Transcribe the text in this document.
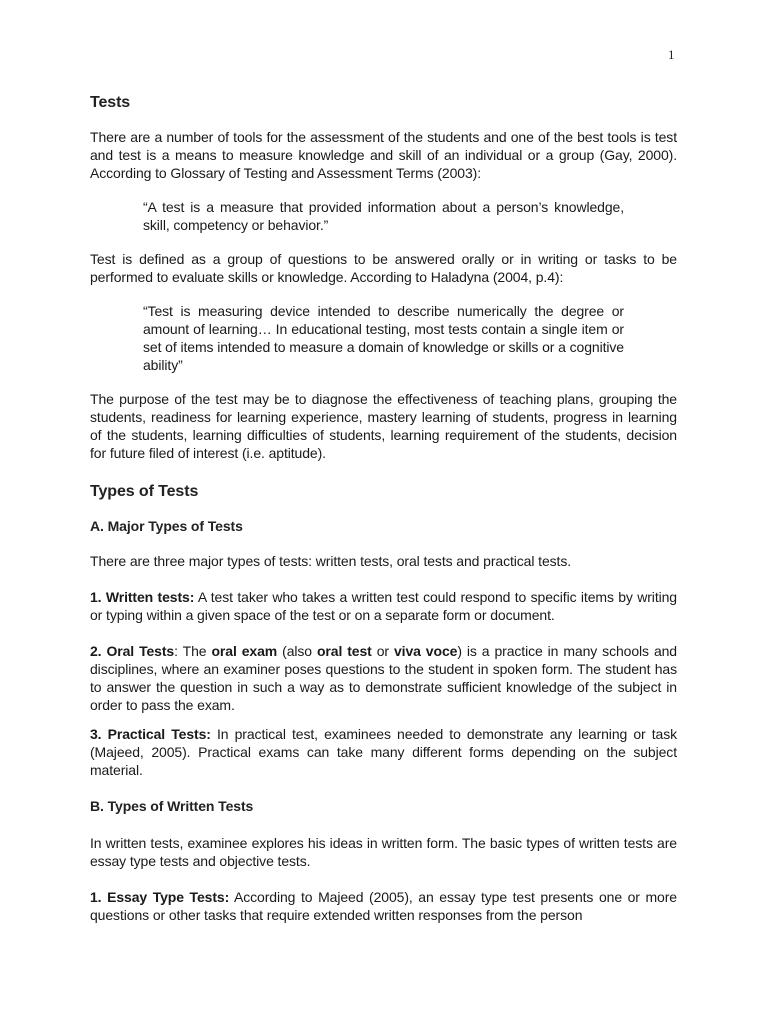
1
Tests

There are a number of tools for the assessment of the students and one of the best tools is test and test is a means to measure knowledge and skill of an individual or a group (Gay, 2000). According to Glossary of Testing and Assessment Terms (2003):

“A test is a measure that provided information about a person’s knowledge, skill, competency or behavior.”

Test is defined as a group of questions to be answered orally or in writing or tasks to be performed to evaluate skills or knowledge. According to Haladyna (2004, p.4):

“Test is measuring device intended to describe numerically the degree or amount of learning… In educational testing, most tests contain a single item or set of items intended to measure a domain of knowledge or skills or a cognitive ability”

The purpose of the test may be to diagnose the effectiveness of teaching plans, grouping the students, readiness for learning experience, mastery learning of students, progress in learning of the students, learning difficulties of students, learning requirement of the students, decision for future filed of interest (i.e. aptitude).

Types of Tests
A. Major Types of Tests

There are three major types of tests: written tests, oral tests and practical tests.

1. Written tests: A test taker who takes a written test could respond to specific items by writing or typing within a given space of the test or on a separate form or document.

2. Oral Tests: The oral exam (also oral test or viva voce) is a practice in many schools and disciplines, where an examiner poses questions to the student in spoken form. The student has to answer the question in such a way as to demonstrate sufficient knowledge of the subject in order to pass the exam.

3. Practical Tests: In practical test, examinees needed to demonstrate any learning or task (Majeed, 2005). Practical exams can take many different forms depending on the subject material.

B. Types of Written Tests

In written tests, examinee explores his ideas in written form. The basic types of written tests are essay type tests and objective tests.

1. Essay Type Tests: According to Majeed (2005), an essay type test presents one or more questions or other tasks that require extended written responses from the person
